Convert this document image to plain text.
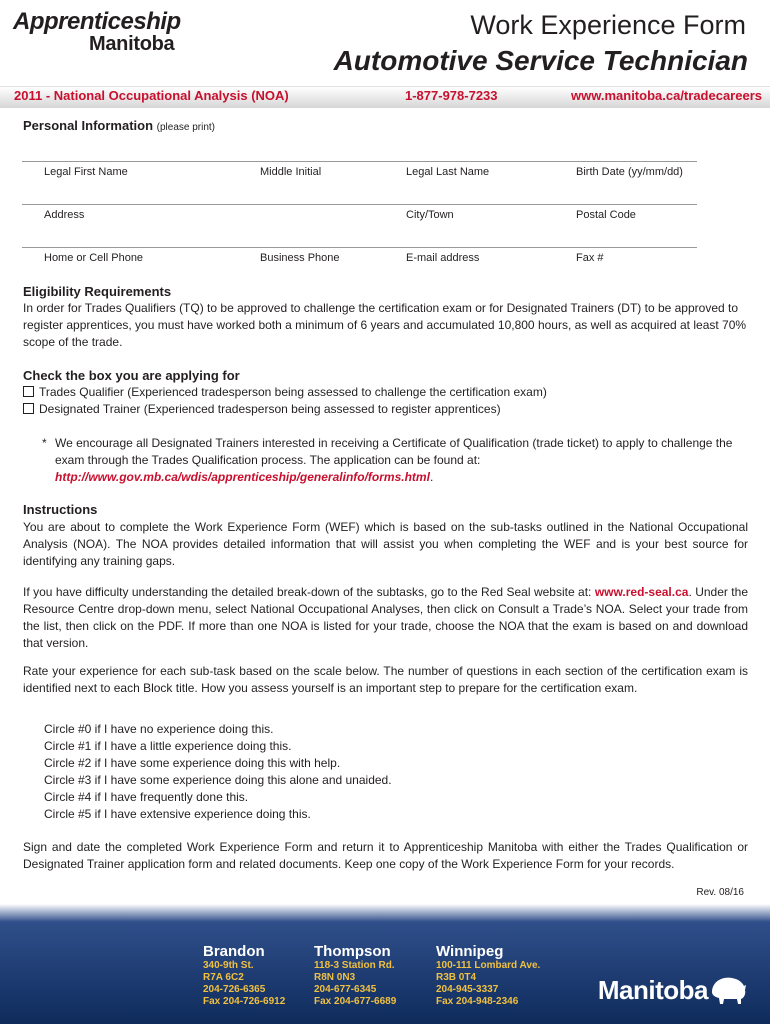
Apprenticeship
Manitoba
Work Experience Form
Automotive Service Technician
2011 - National Occupational Analysis (NOA)	1-877-978-7233	www.manitoba.ca/tradecareers
Personal Information (please print)
Legal First Name	Middle Initial	Legal Last Name	Birth Date (yy/mm/dd)
Address	City/Town	Postal Code
Home or Cell Phone	Business Phone	E-mail address	Fax #
Eligibility Requirements
In order for Trades Qualifiers (TQ) to be approved to challenge the certification exam or for Designated Trainers (DT) to be approved to register apprentices, you must have worked both a minimum of 6 years and accumulated 10,800 hours, as well as acquired at least 70% scope of the trade.
Check the box you are applying for
Trades Qualifier (Experienced tradesperson being assessed to challenge the certification exam)
Designated Trainer (Experienced tradesperson being assessed to register apprentices)
* We encourage all Designated Trainers interested in receiving a Certificate of Qualification (trade ticket) to apply to challenge the exam through the Trades Qualification process. The application can be found at:
http://www.gov.mb.ca/wdis/apprenticeship/generalinfo/forms.html.
Instructions
You are about to complete the Work Experience Form (WEF) which is based on the sub-tasks outlined in the National Occupational Analysis (NOA). The NOA provides detailed information that will assist you when completing the WEF and is your best source for identifying any training gaps.
If you have difficulty understanding the detailed break-down of the subtasks, go to the Red Seal website at: www.red-seal.ca. Under the Resource Centre drop-down menu, select National Occupational Analyses, then click on Consult a Trade’s NOA. Select your trade from the list, then click on the PDF. If more than one NOA is listed for your trade, choose the NOA that the exam is based on and download that version.
Rate your experience for each sub-task based on the scale below. The number of questions in each section of the certification exam is identified next to each Block title. How you assess yourself is an important step to prepare for the certification exam.
Circle #0 if I have no experience doing this.
Circle #1 if I have a little experience doing this.
Circle #2 if I have some experience doing this with help.
Circle #3 if I have some experience doing this alone and unaided.
Circle #4 if I have frequently done this.
Circle #5 if I have extensive experience doing this.
Sign and date the completed Work Experience Form and return it to Apprenticeship Manitoba with either the Trades Qualification or Designated Trainer application form and related documents. Keep one copy of the Work Experience Form for your records.
Rev. 08/16
Brandon
340-9th St.
R7A 6C2
204-726-6365
Fax 204-726-6912
Thompson
118-3 Station Rd.
R8N 0N3
204-677-6345
Fax 204-677-6689
Winnipeg
100-111 Lombard Ave.
R3B 0T4
204-945-3337
Fax 204-948-2346	Manitoba
